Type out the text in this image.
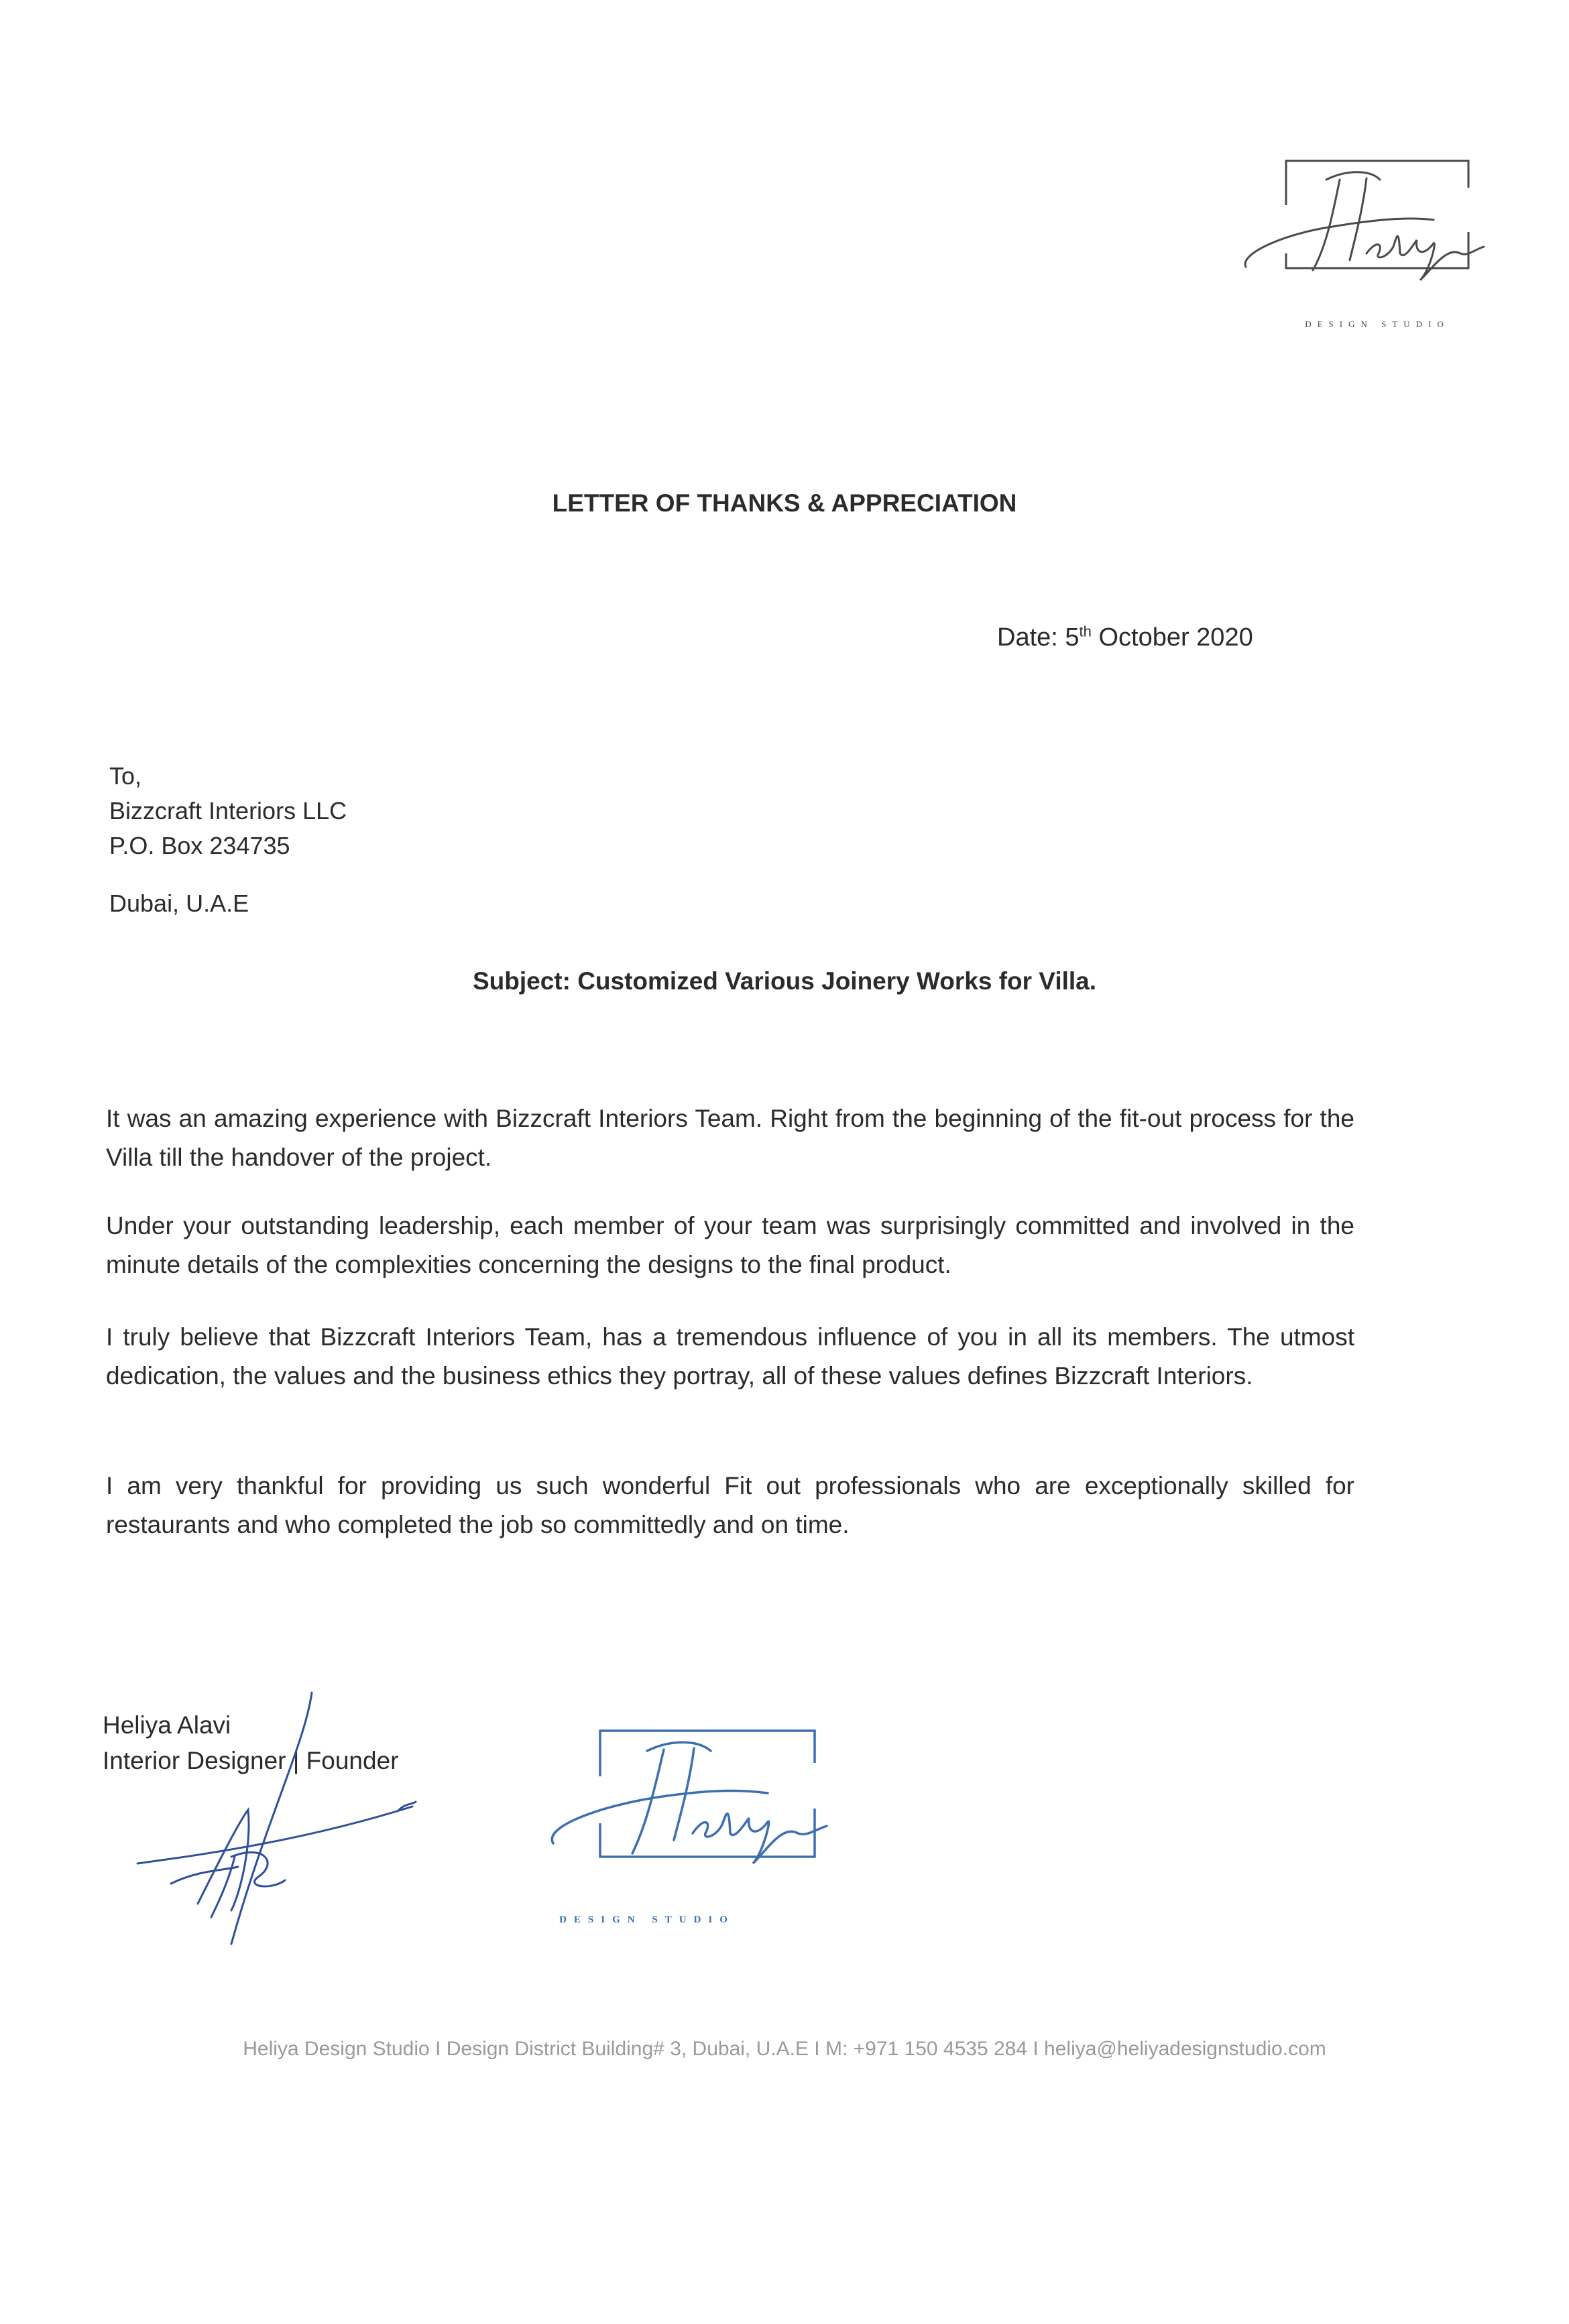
DESIGN STUDIO
LETTER OF THANKS & APPRECIATION
Date: 5th October 2020
To,
Bizzcraft Interiors LLC
P.O. Box 234735
Dubai, U.A.E
Subject: Customized Various Joinery Works for Villa.
It was an amazing experience with Bizzcraft Interiors Team. Right from the beginning of the fit-out process for the Villa till the handover of the project.
Under your outstanding leadership, each member of your team was surprisingly committed and involved in the minute details of the complexities concerning the designs to the final product.
I truly believe that Bizzcraft Interiors Team, has a tremendous influence of you in all its members. The utmost dedication, the values and the business ethics they portray, all of these values defines Bizzcraft Interiors.
I am very thankful for providing us such wonderful Fit out professionals who are exceptionally skilled for restaurants and who completed the job so committedly and on time.
Heliya Alavi
Interior Designer | Founder
DESIGN STUDIO
Heliya Design Studio I Design District Building# 3, Dubai, U.A.E I M: +971 150 4535 284 I heliya@heliyadesignstudio.com
